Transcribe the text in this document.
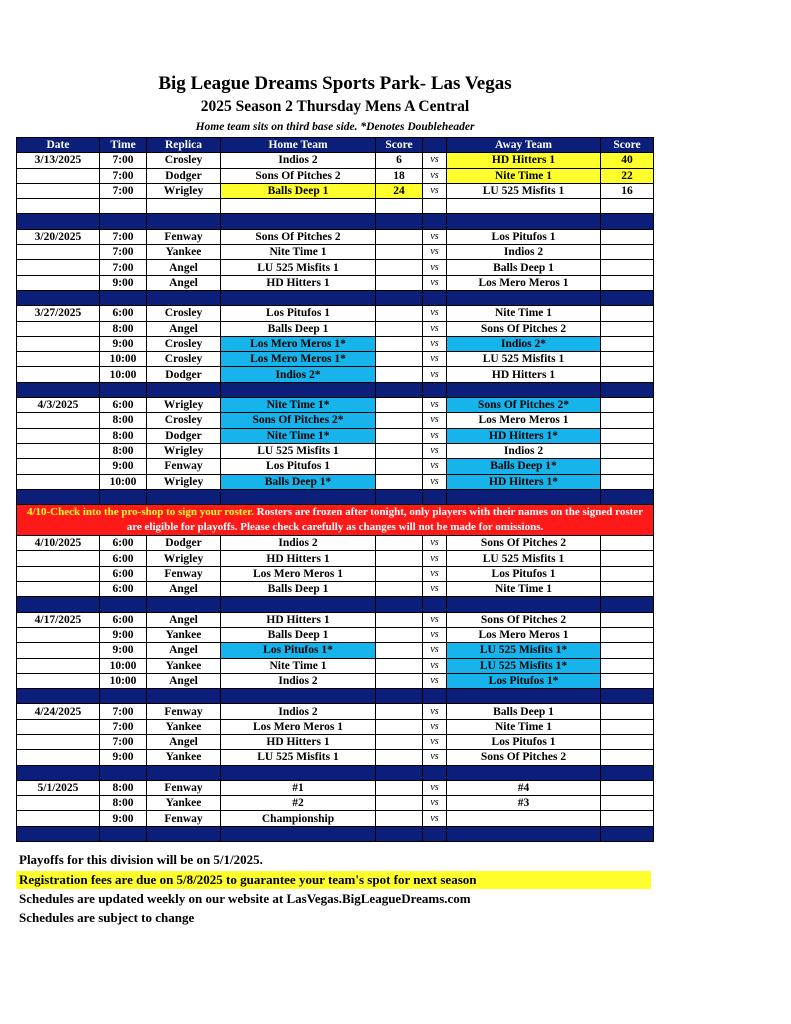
Big League Dreams Sports Park- Las Vegas
2025 Season 2 Thursday Mens A Central
Home team sits on third base side. *Denotes Doubleheader
Date	Time	Replica	Home Team	Score		Away Team	Score
3/13/2025	7:00	Crosley	Indios 2	6	vs	HD Hitters 1	40
	7:00	Dodger	Sons Of Pitches 2	18	vs	Nite Time 1	22
	7:00	Wrigley	Balls Deep 1	24	vs	LU 525 Misfits 1	16

3/20/2025	7:00	Fenway	Sons Of Pitches 2		vs	Los Pitufos 1	
	7:00	Yankee	Nite Time 1		vs	Indios 2	
	7:00	Angel	LU 525 Misfits 1		vs	Balls Deep 1	
	9:00	Angel	HD Hitters 1		vs	Los Mero Meros 1	

3/27/2025	6:00	Crosley	Los Pitufos 1		vs	Nite Time 1	
	8:00	Angel	Balls Deep 1		vs	Sons Of Pitches 2	
	9:00	Crosley	Los Mero Meros 1*		vs	Indios 2*	
	10:00	Crosley	Los Mero Meros 1*		vs	LU 525 Misfits 1	
	10:00	Dodger	Indios 2*		vs	HD Hitters 1	

4/3/2025	6:00	Wrigley	Nite Time 1*		vs	Sons Of Pitches 2*	
	8:00	Crosley	Sons Of Pitches 2*		vs	Los Mero Meros 1	
	8:00	Dodger	Nite Time 1*		vs	HD Hitters 1*	
	8:00	Wrigley	LU 525 Misfits 1		vs	Indios 2	
	9:00	Fenway	Los Pitufos 1		vs	Balls Deep 1*	
	10:00	Wrigley	Balls Deep 1*		vs	HD Hitters 1*	

4/10-Check into the pro-shop to sign your roster. Rosters are frozen after tonight, only players with their names on the signed roster are eligible for playoffs. Please check carefully as changes will not be made for omissions.							
4/10/2025	6:00	Dodger	Indios 2		vs	Sons Of Pitches 2	
	6:00	Wrigley	HD Hitters 1		vs	LU 525 Misfits 1	
	6:00	Fenway	Los Mero Meros 1		vs	Los Pitufos 1	
	6:00	Angel	Balls Deep 1		vs	Nite Time 1	

4/17/2025	6:00	Angel	HD Hitters 1		vs	Sons Of Pitches 2	
	9:00	Yankee	Balls Deep 1		vs	Los Mero Meros 1	
	9:00	Angel	Los Pitufos 1*		vs	LU 525 Misfits 1*	
	10:00	Yankee	Nite Time 1		vs	LU 525 Misfits 1*	
	10:00	Angel	Indios 2		vs	Los Pitufos 1*	

4/24/2025	7:00	Fenway	Indios 2		vs	Balls Deep 1	
	7:00	Yankee	Los Mero Meros 1		vs	Nite Time 1	
	7:00	Angel	HD Hitters 1		vs	Los Pitufos 1	
	9:00	Yankee	LU 525 Misfits 1		vs	Sons Of Pitches 2	

5/1/2025	8:00	Fenway	#1		vs	#4	
	8:00	Yankee	#2		vs	#3	
	9:00	Fenway	Championship		vs		

Playoffs for this division will be on 5/1/2025.
Registration fees are due on 5/8/2025 to guarantee your team's spot for next season
Schedules are updated weekly on our website at LasVegas.BigLeagueDreams.com
Schedules are subject to change
